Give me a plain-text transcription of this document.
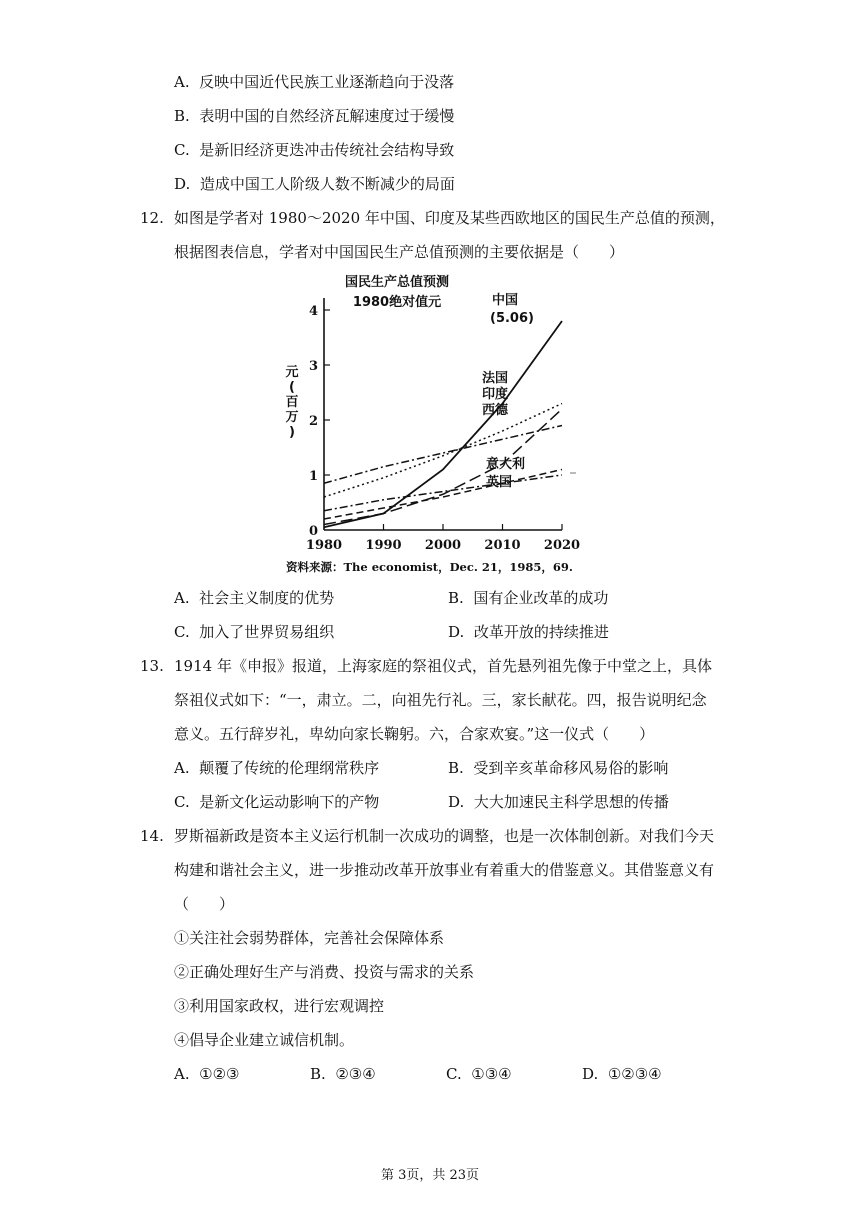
A. 反映中国近代民族工业逐渐趋向于没落
B. 表明中国的自然经济瓦解速度过于缓慢
C. 是新旧经济更迭冲击传统社会结构导致
D. 造成中国工人阶级人数不断减少的局面
12. 如图是学者对 1980～2020 年中国、印度及某些西欧地区的国民生产总值的预测，
根据图表信息，学者对中国国民生产总值预测的主要依据是（　　）
国民生产总值预测
1980绝对值元
元(百万)
0
1
2
3
4
1980 1990 2000 2010 2020
中国
(5.06)
法国
印度
西德
意大利
英国
资料来源：The economist，Dec. 21，1985，69.
A. 社会主义制度的优势	B. 国有企业改革的成功
C. 加入了世界贸易组织	D. 改革开放的持续推进
13. 1914 年《申报》报道，上海家庭的祭祖仪式，首先悬列祖先像于中堂之上，具体
祭祖仪式如下：“一，肃立。二，向祖先行礼。三，家长献花。四，报告说明纪念
意义。五行辞岁礼，卑幼向家长鞠躬。六，合家欢宴。”这一仪式（　　）
A. 颠覆了传统的伦理纲常秩序	B. 受到辛亥革命移风易俗的影响
C. 是新文化运动影响下的产物	D. 大大加速民主科学思想的传播
14. 罗斯福新政是资本主义运行机制一次成功的调整，也是一次体制创新。对我们今天
构建和谐社会主义，进一步推动改革开放事业有着重大的借鉴意义。其借鉴意义有
（　　）
①关注社会弱势群体，完善社会保障体系
②正确处理好生产与消费、投资与需求的关系
③利用国家政权，进行宏观调控
④倡导企业建立诚信机制。
A. ①②③	B. ②③④	C. ①③④	D. ①②③④
第 3页，共 23页
